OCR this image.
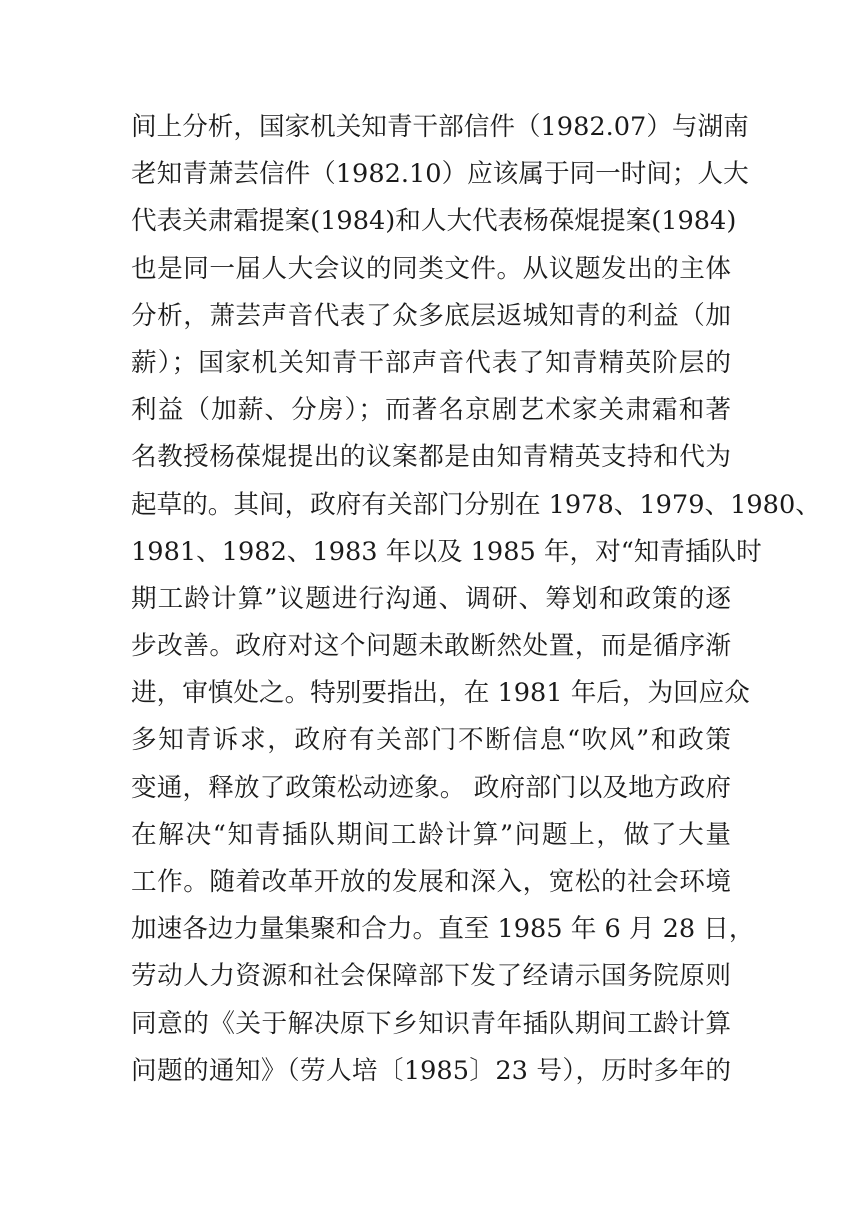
间上分析，国家机关知青干部信件（1982.07）与湖南
老知青萧芸信件（1982.10）应该属于同一时间；人大
代表关肃霜提案(1984)和人大代表杨葆焜提案(1984)
也是同一届人大会议的同类文件。从议题发出的主体
分析，萧芸声音代表了众多底层返城知青的利益（加
薪）；国家机关知青干部声音代表了知青精英阶层的
利益（加薪、分房）；而著名京剧艺术家关肃霜和著
名教授杨葆焜提出的议案都是由知青精英支持和代为
起草的。其间，政府有关部门分别在 1978、1979、1980、
1981、1982、1983 年以及 1985 年，对“知青插队时
期工龄计算”议题进行沟通、调研、筹划和政策的逐
步改善。政府对这个问题未敢断然处置，而是循序渐
进，审慎处之。特别要指出，在 1981 年后，为回应众
多知青诉求，政府有关部门不断信息“吹风”和政策
变通，释放了政策松动迹象。 政府部门以及地方政府
在解决“知青插队期间工龄计算”问题上，做了大量
工作。随着改革开放的发展和深入，宽松的社会环境
加速各边力量集聚和合力。直至 1985 年 6 月 28 日，
劳动人力资源和社会保障部下发了经请示国务院原则
同意的《关于解决原下乡知识青年插队期间工龄计算
问题的通知》（劳人培〔1985〕23 号），历时多年的
